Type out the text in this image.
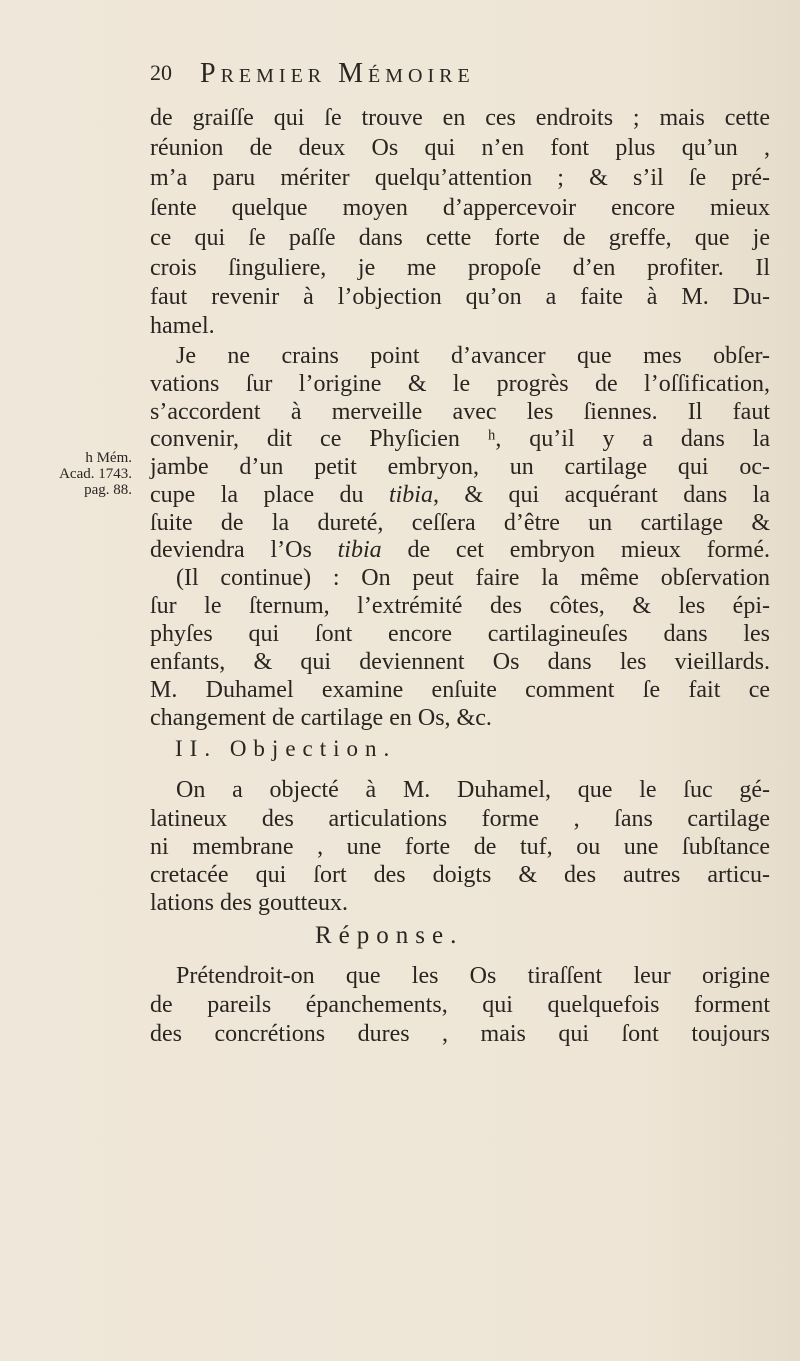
20 Premier Mémoire
h Mém.
Acad. 1743.
pag. 88.
II. Objection.
Réponse.
de graiſſe qui ſe trouve en ces endroits ; mais cette
réunion de deux Os qui n’en font plus qu’un ,
m’a paru mériter quelqu’attention ; & s’il ſe pré-
ſente quelque moyen d’appercevoir encore mieux
ce qui ſe paſſe dans cette forte de greffe, que je
crois ſinguliere, je me propoſe d’en profiter. Il
faut revenir à l’objection qu’on a faite à M. Du-
hamel.
Je ne crains point d’avancer que mes obſer-
vations ſur l’origine & le progrès de l’oſſification,
s’accordent à merveille avec les ſiennes. Il faut
convenir, dit ce Phyſicien ʰ, qu’il y a dans la
jambe d’un petit embryon, un cartilage qui oc-
cupe la place du tibia, & qui acquérant dans la
ſuite de la dureté, ceſſera d’être un cartilage &
deviendra l’Os tibia de cet embryon mieux formé.
(Il continue) : On peut faire la même obſervation
ſur le ſternum, l’extrémité des côtes, & les épi-
phyſes qui ſont encore cartilagineuſes dans les
enfants, & qui deviennent Os dans les vieillards.
M. Duhamel examine enſuite comment ſe fait ce
changement de cartilage en Os, &c.
On a objecté à M. Duhamel, que le ſuc gé-
latineux des articulations forme , ſans cartilage
ni membrane , une forte de tuf, ou une ſubſtance
cretacée qui ſort des doigts & des autres articu-
lations des goutteux.
Prétendroit-on que les Os tiraſſent leur origine
de pareils épanchements, qui quelquefois forment
des concrétions dures , mais qui ſont toujours
